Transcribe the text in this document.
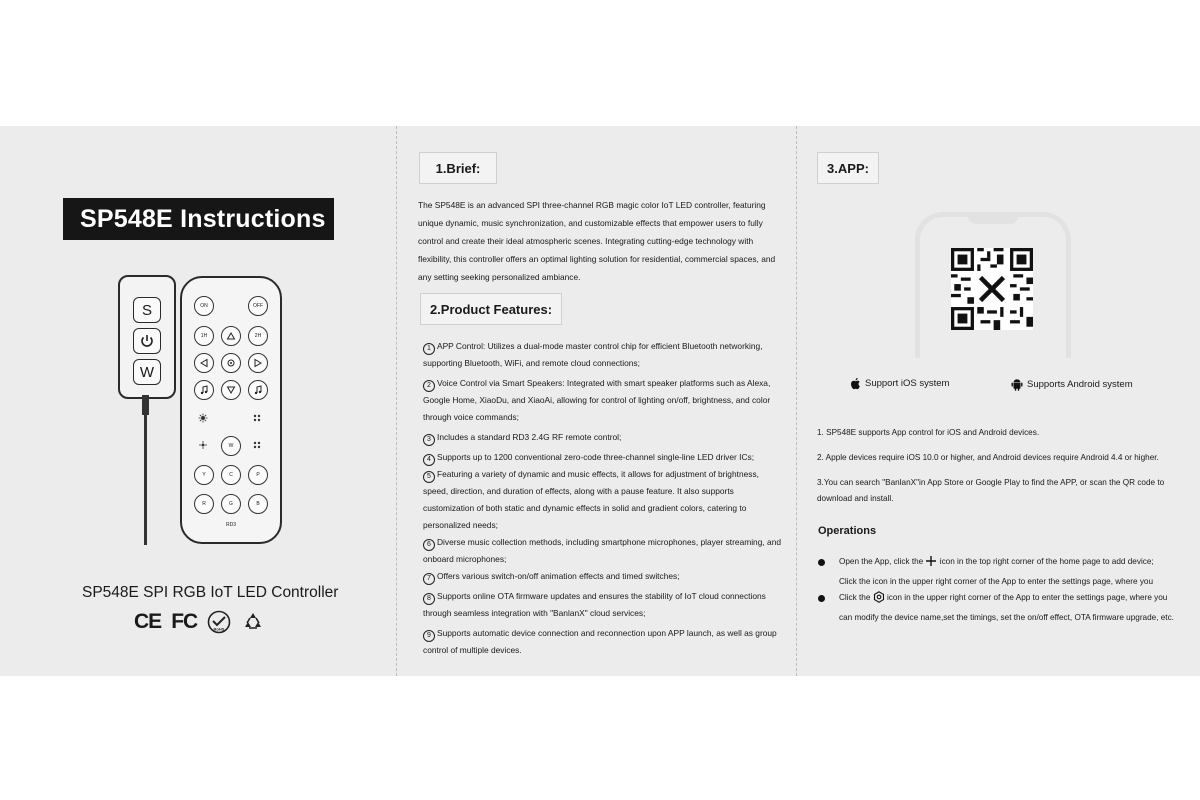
SP548E Instructions
S
W
ON	OFF
1H	2H
W
Y	C	P
R	G	B
RD3
SP548E SPI RGB IoT LED Controller
CE FC	RoHS
1.Brief:

The SP548E is an advanced SPI three-channel RGB magic color IoT LED controller, featuring unique dynamic, music synchronization, and customizable effects that empower users to fully control and create their ideal atmospheric scenes. Integrating cutting-edge technology with flexibility, this controller offers an optimal lighting solution for residential, commercial spaces, and any setting seeking personalized ambiance.

2.Product Features:
1 APP Control: Utilizes a dual-mode master control chip for efficient Bluetooth networking, supporting Bluetooth, WiFi, and remote cloud connections;
2 Voice Control via Smart Speakers: Integrated with smart speaker platforms such as Alexa, Google Home, XiaoDu, and XiaoAi, allowing for control of lighting on/off, brightness, and color through voice commands;
3 Includes a standard RD3 2.4G RF remote control;
4 Supports up to 1200 conventional zero-code three-channel single-line LED driver ICs;
5 Featuring a variety of dynamic and music effects, it allows for adjustment of brightness, speed, direction, and duration of effects, along with a pause feature. It also supports customization of both static and dynamic effects in solid and gradient colors, catering to personalized needs;
6 Diverse music collection methods, including smartphone microphones, player streaming, and onboard microphones;
7 Offers various switch-on/off animation effects and timed switches;
8 Supports online OTA firmware updates and ensures the stability of IoT cloud connections through seamless integration with "BanlanX" cloud services;
9 Supports automatic device connection and reconnection upon APP launch, as well as group control of multiple devices.
3.APP:
Support iOS system	Supports Android system

1. SP548E supports App control for iOS and Android devices.

2. Apple devices require iOS 10.0 or higher, and Android devices require Android 4.4 or higher.

3.You can search "BanlanX"in App Store or Google Play to find the APP, or scan the QR code to download and install.

Operations
Open the App, click the icon in the top right corner of the home page to add device;
Click the icon in the upper right corner of the App to enter the settings page, where you
Click the icon in the upper right corner of the App to enter the settings page, where you can modify the device name,set the timings, set the on/off effect, OTA firmware upgrade, etc.
